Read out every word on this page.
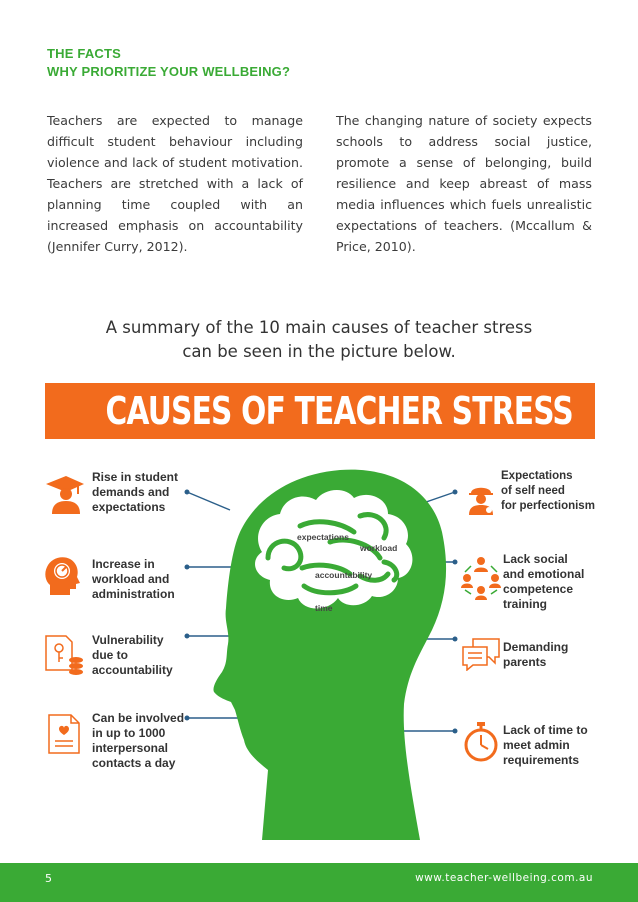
THE FACTS
WHY PRIORITIZE YOUR WELLBEING?
Teachers are expected to manage difficult student behaviour including violence and lack of student motivation. Teachers are stretched with a lack of planning time coupled with an increased emphasis on accountability (Jennifer Curry, 2012).
The changing nature of society expects schools to address social justice, promote a sense of belonging, build resilience and keep abreast of mass media influences which fuels unrealistic expectations of teachers. (Mccallum & Price, 2010).
A summary of the 10 main causes of teacher stress
can be seen in the picture below.
CAUSES OF TEACHER STRESS
expectations
workload
accountability
time
Rise in student
demands and
expectations
Increase in
workload and
administration
Vulnerability
due to
accountability
Can be involved
in up to 1000
interpersonal
contacts a day
Expectations
of self need
for perfectionism
Lack social
and emotional
competence
training
Demanding
parents
Lack of time to
meet admin
requirements
5	www.teacher-wellbeing.com.au
